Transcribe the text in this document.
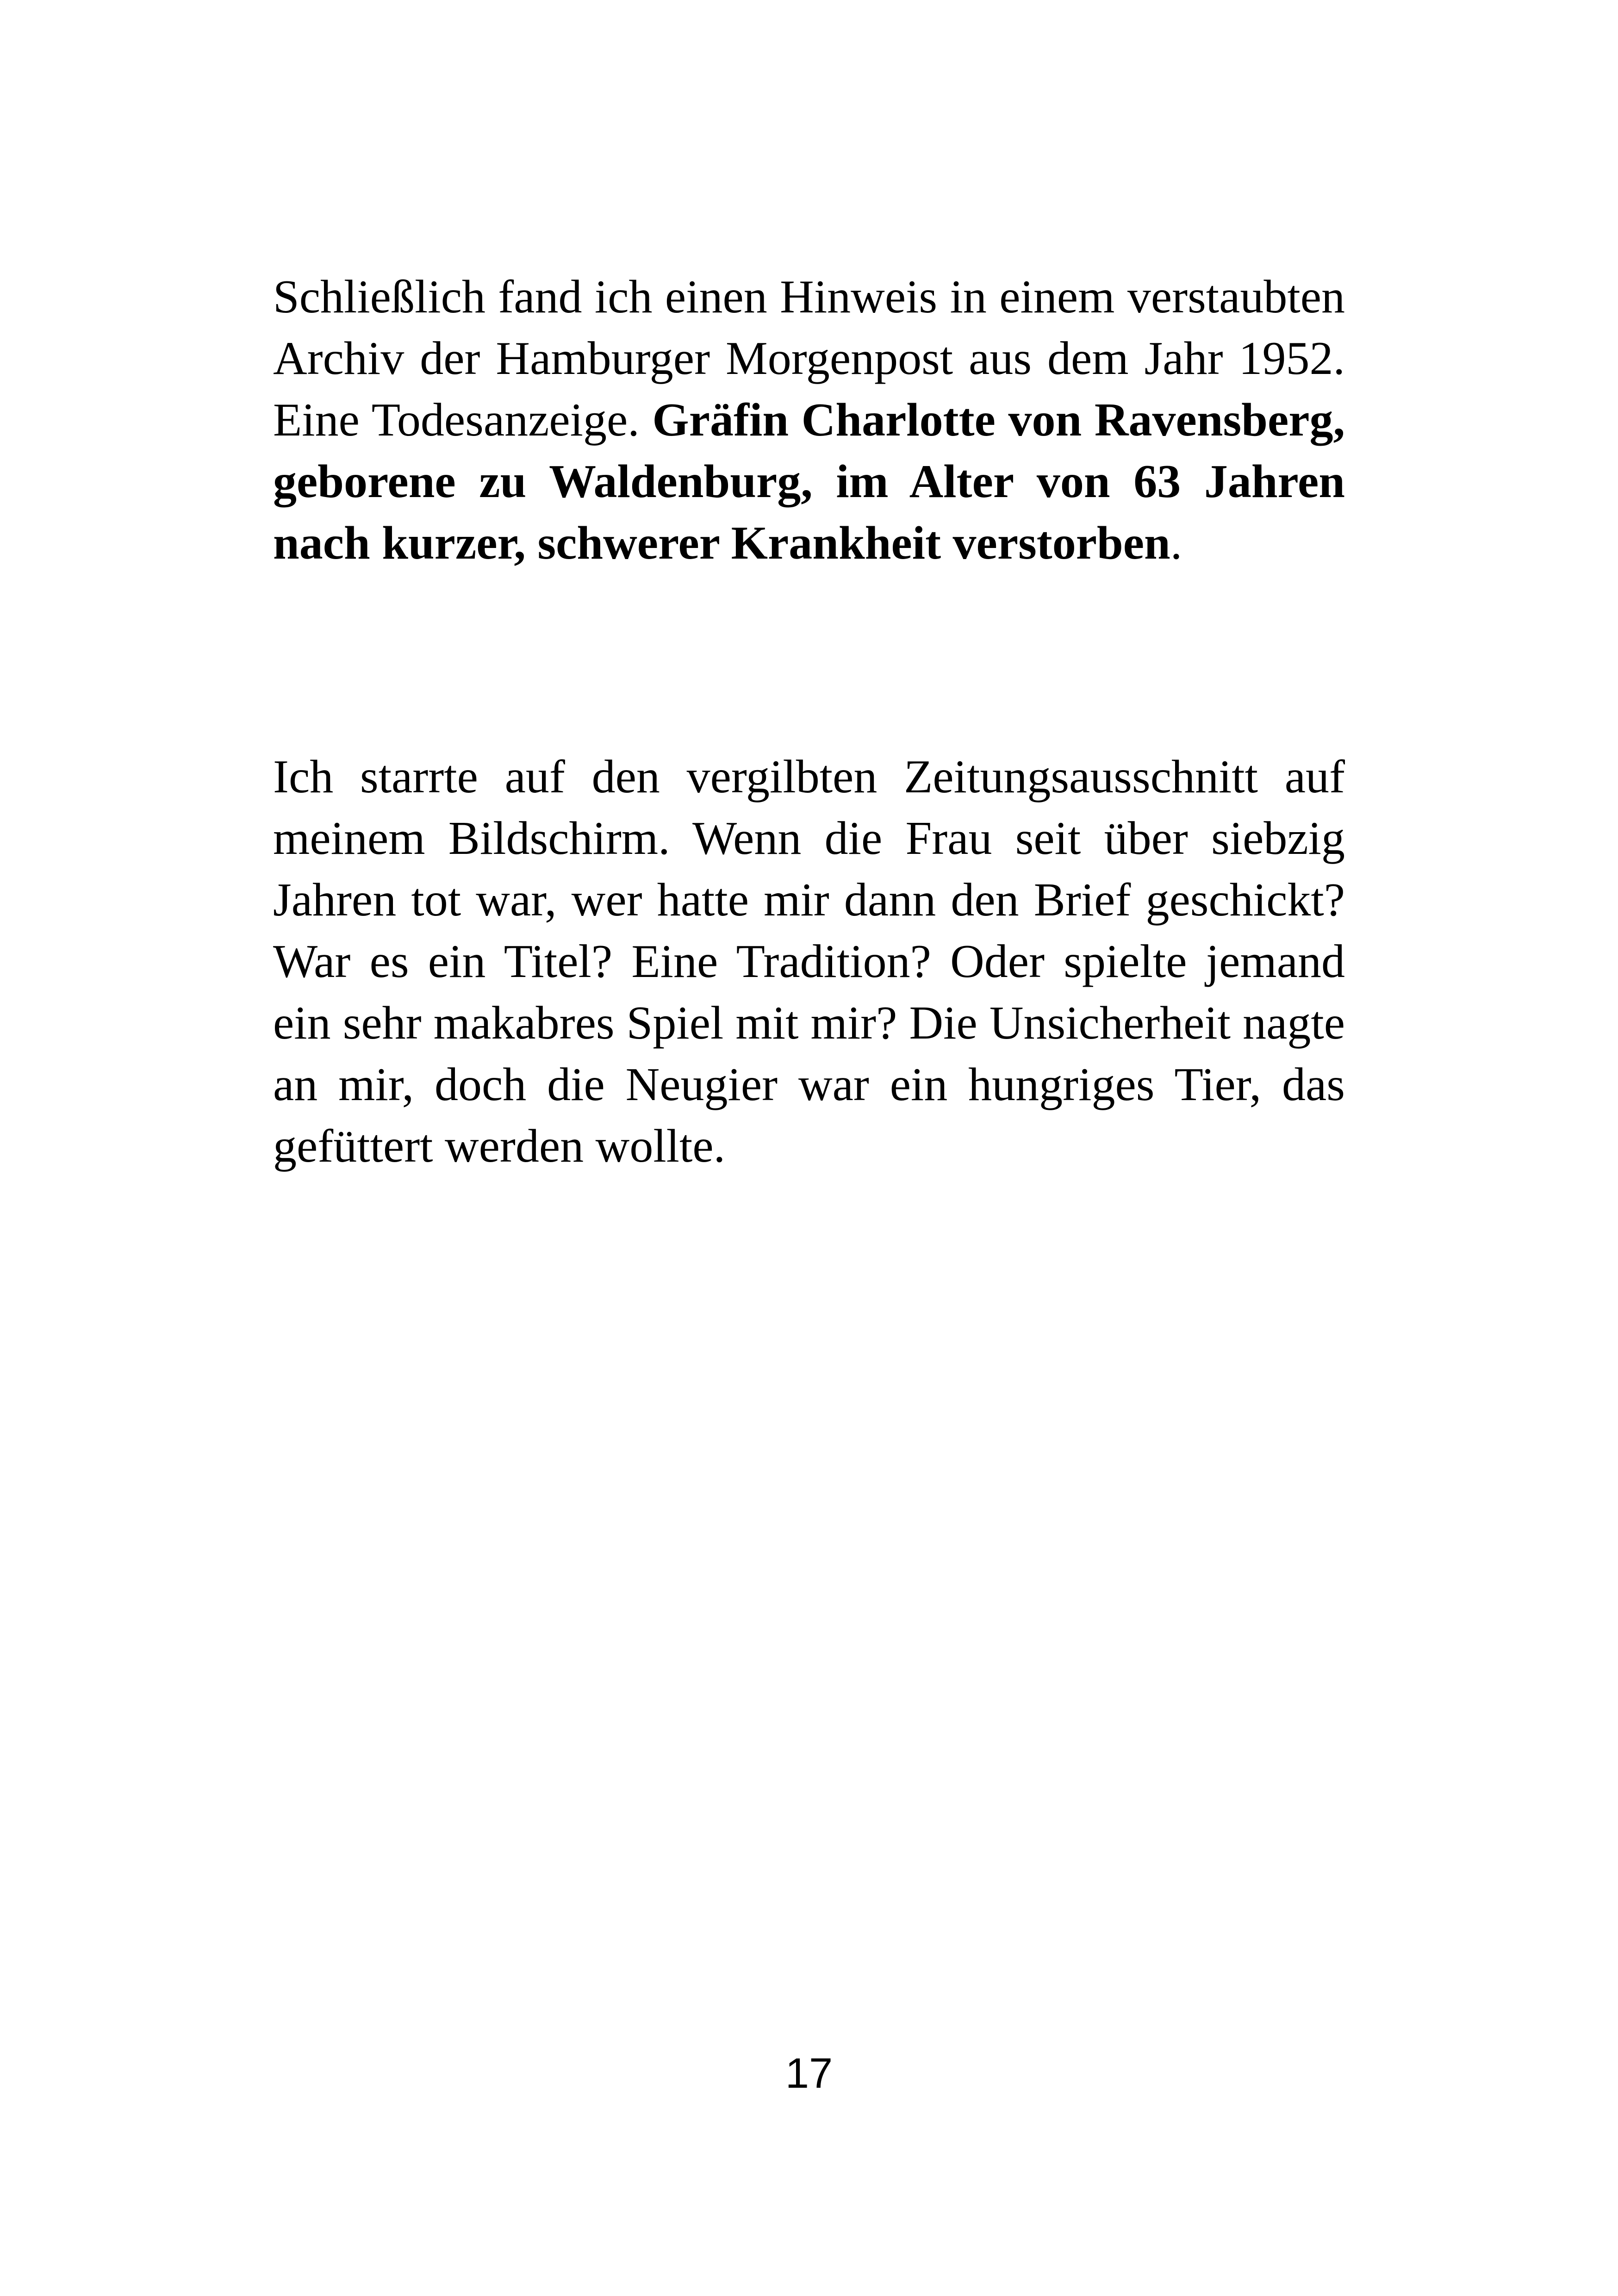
Schließlich fand ich einen Hinweis in einem verstaubten Archiv der Hamburger Morgenpost aus dem Jahr 1952. Eine Todesanzeige. Gräfin Charlotte von Ravensberg, geborene zu Waldenburg, im Alter von 63 Jahren nach kurzer, schwerer Krankheit verstorben.

Ich starrte auf den vergilbten Zeitungsausschnitt auf meinem Bildschirm. Wenn die Frau seit über siebzig Jahren tot war, wer hatte mir dann den Brief geschickt? War es ein Titel? Eine Tradition? Oder spielte jemand ein sehr makabres Spiel mit mir? Die Unsicherheit nagte an mir, doch die Neugier war ein hungriges Tier, das gefüttert werden wollte.

17
